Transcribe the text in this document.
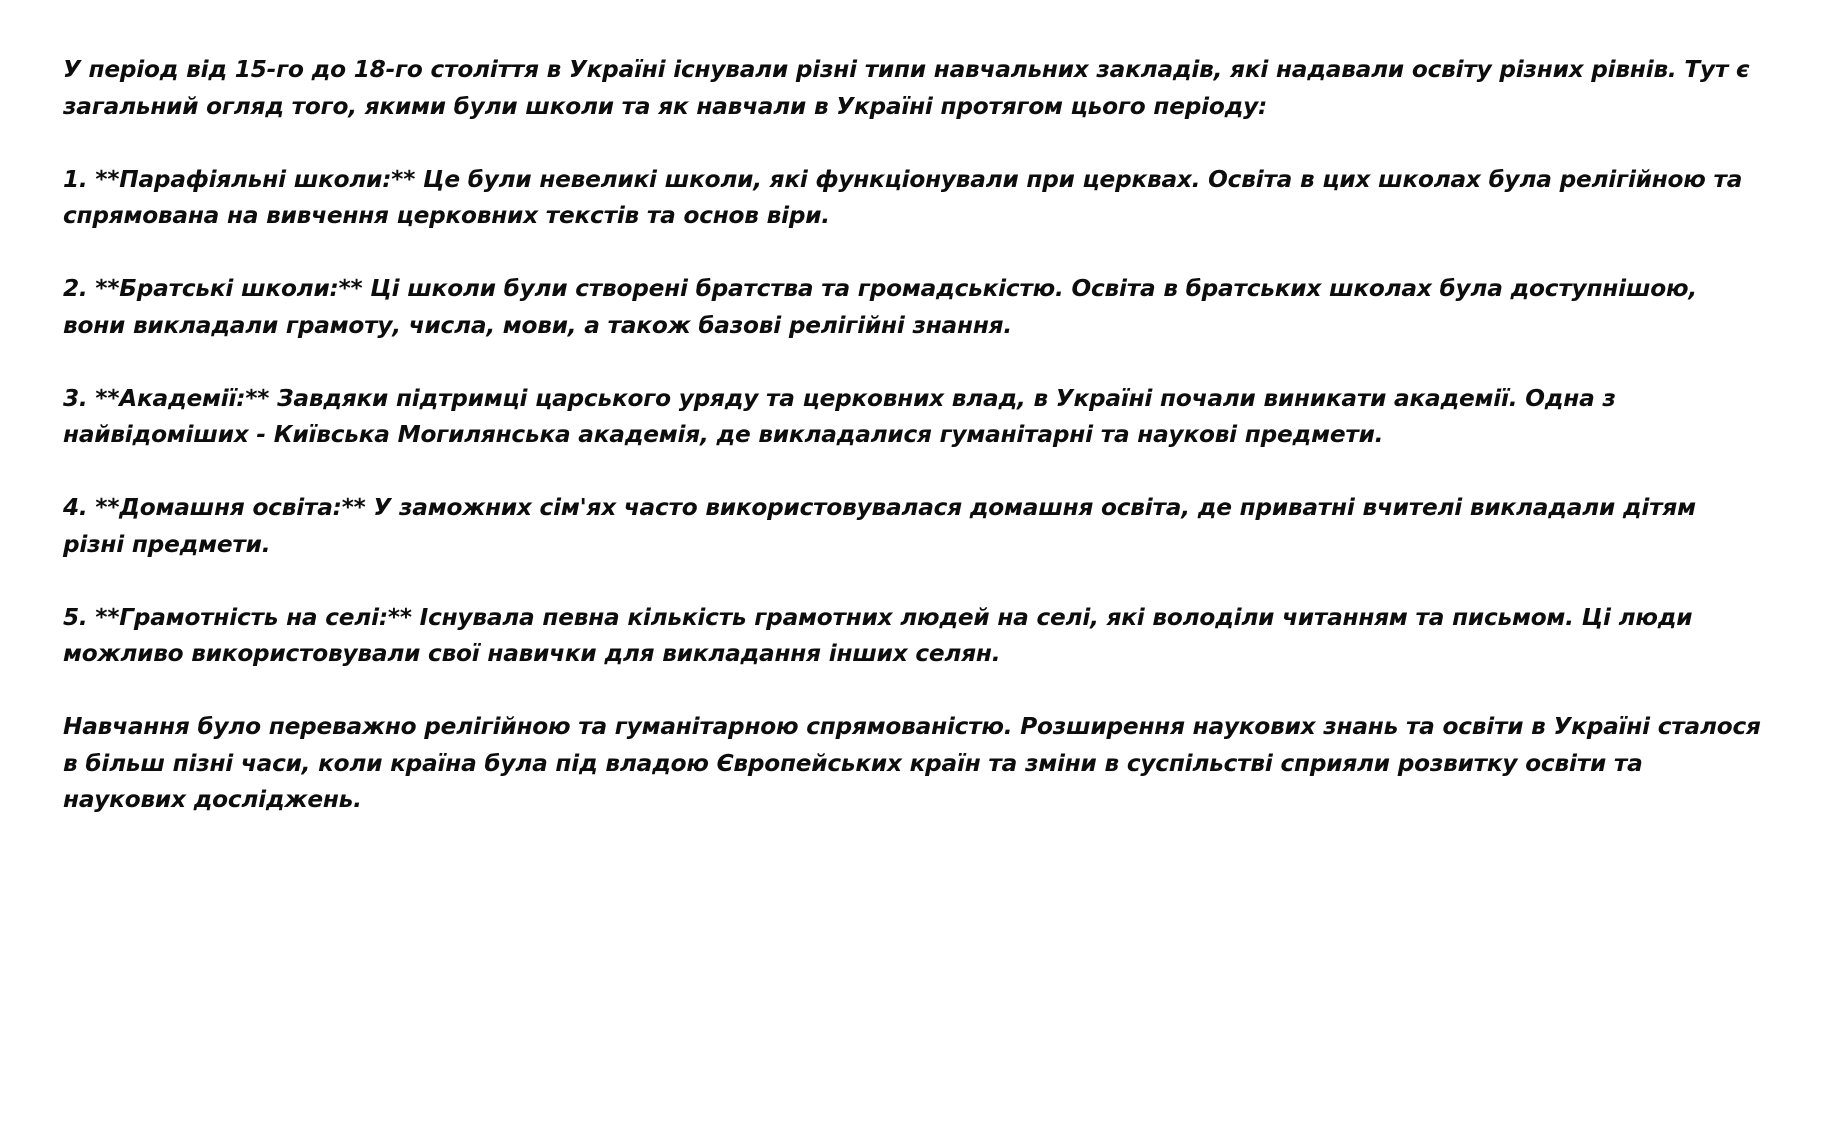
У період від 15-го до 18-го століття в Україні існували різні типи навчальних закладів, які надавали освіту різних рівнів. Тут є загальний огляд того, якими були школи та як навчали в Україні протягом цього періоду:

1. **Парафіяльні школи:** Це були невеликі школи, які функціонували при церквах. Освіта в цих школах була релігійною та спрямована на вивчення церковних текстів та основ віри.

2. **Братські школи:** Ці школи були створені братства та громадськістю. Освіта в братських школах була доступнішою, вони викладали грамоту, числа, мови, а також базові релігійні знання.

3. **Академії:** Завдяки підтримці царського уряду та церковних влад, в Україні почали виникати академії. Одна з найвідоміших - Київська Могилянська академія, де викладалися гуманітарні та наукові предмети.

4. **Домашня освіта:** У заможних сім'ях часто використовувалася домашня освіта, де приватні вчителі викладали дітям різні предмети.

5. **Грамотність на селі:** Існувала певна кількість грамотних людей на селі, які володіли читанням та письмом. Ці люди можливо використовували свої навички для викладання інших селян.

Навчання було переважно релігійною та гуманітарною спрямованістю. Розширення наукових знань та освіти в Україні сталося в більш пізні часи, коли країна була під владою Європейських країн та зміни в суспільстві сприяли розвитку освіти та наукових досліджень.
